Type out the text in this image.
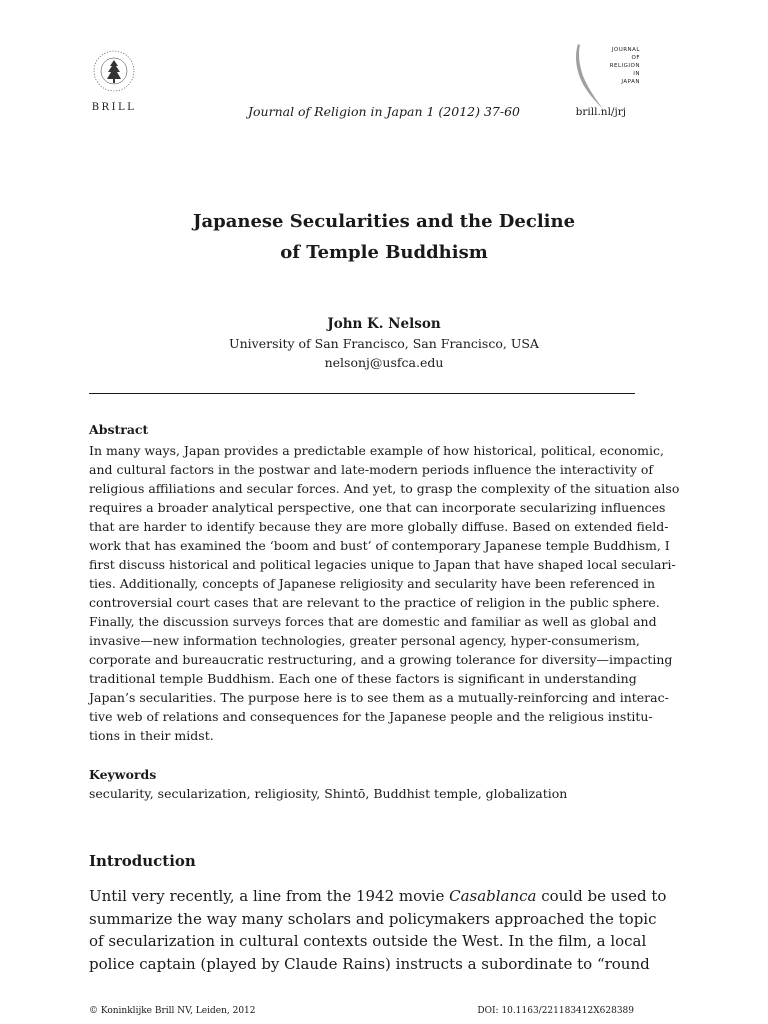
BRILL	Journal of Religion in Japan 1 (2012) 37-60	brill.nl/jrj
JOURNAL
OF
RELIGION
IN
JAPAN
Japanese Secularities and the Decline
of Temple Buddhism
John K. Nelson
University of San Francisco, San Francisco, USA
nelsonj@usfca.edu
Abstract
In many ways, Japan provides a predictable example of how historical, political, economic,
and cultural factors in the postwar and late-modern periods influence the interactivity of
religious affiliations and secular forces. And yet, to grasp the complexity of the situation also
requires a broader analytical perspective, one that can incorporate secularizing influences
that are harder to identify because they are more globally diffuse. Based on extended field-
work that has examined the ‘boom and bust’ of contemporary Japanese temple Buddhism, I
first discuss historical and political legacies unique to Japan that have shaped local seculari-
ties. Additionally, concepts of Japanese religiosity and secularity have been referenced in
controversial court cases that are relevant to the practice of religion in the public sphere.
Finally, the discussion surveys forces that are domestic and familiar as well as global and
invasive—new information technologies, greater personal agency, hyper-consumerism,
corporate and bureaucratic restructuring, and a growing tolerance for diversity—impacting
traditional temple Buddhism. Each one of these factors is significant in understanding
Japan’s secularities. The purpose here is to see them as a mutually-reinforcing and interac-
tive web of relations and consequences for the Japanese people and the religious institu-
tions in their midst.
Keywords
secularity, secularization, religiosity, Shintō, Buddhist temple, globalization
Introduction
Until very recently, a line from the 1942 movie Casablanca could be used to
summarize the way many scholars and policymakers approached the topic
of secularization in cultural contexts outside the West. In the film, a local
police captain (played by Claude Rains) instructs a subordinate to “round
© Koninklijke Brill NV, Leiden, 2012	DOI: 10.1163/221183412X628389
